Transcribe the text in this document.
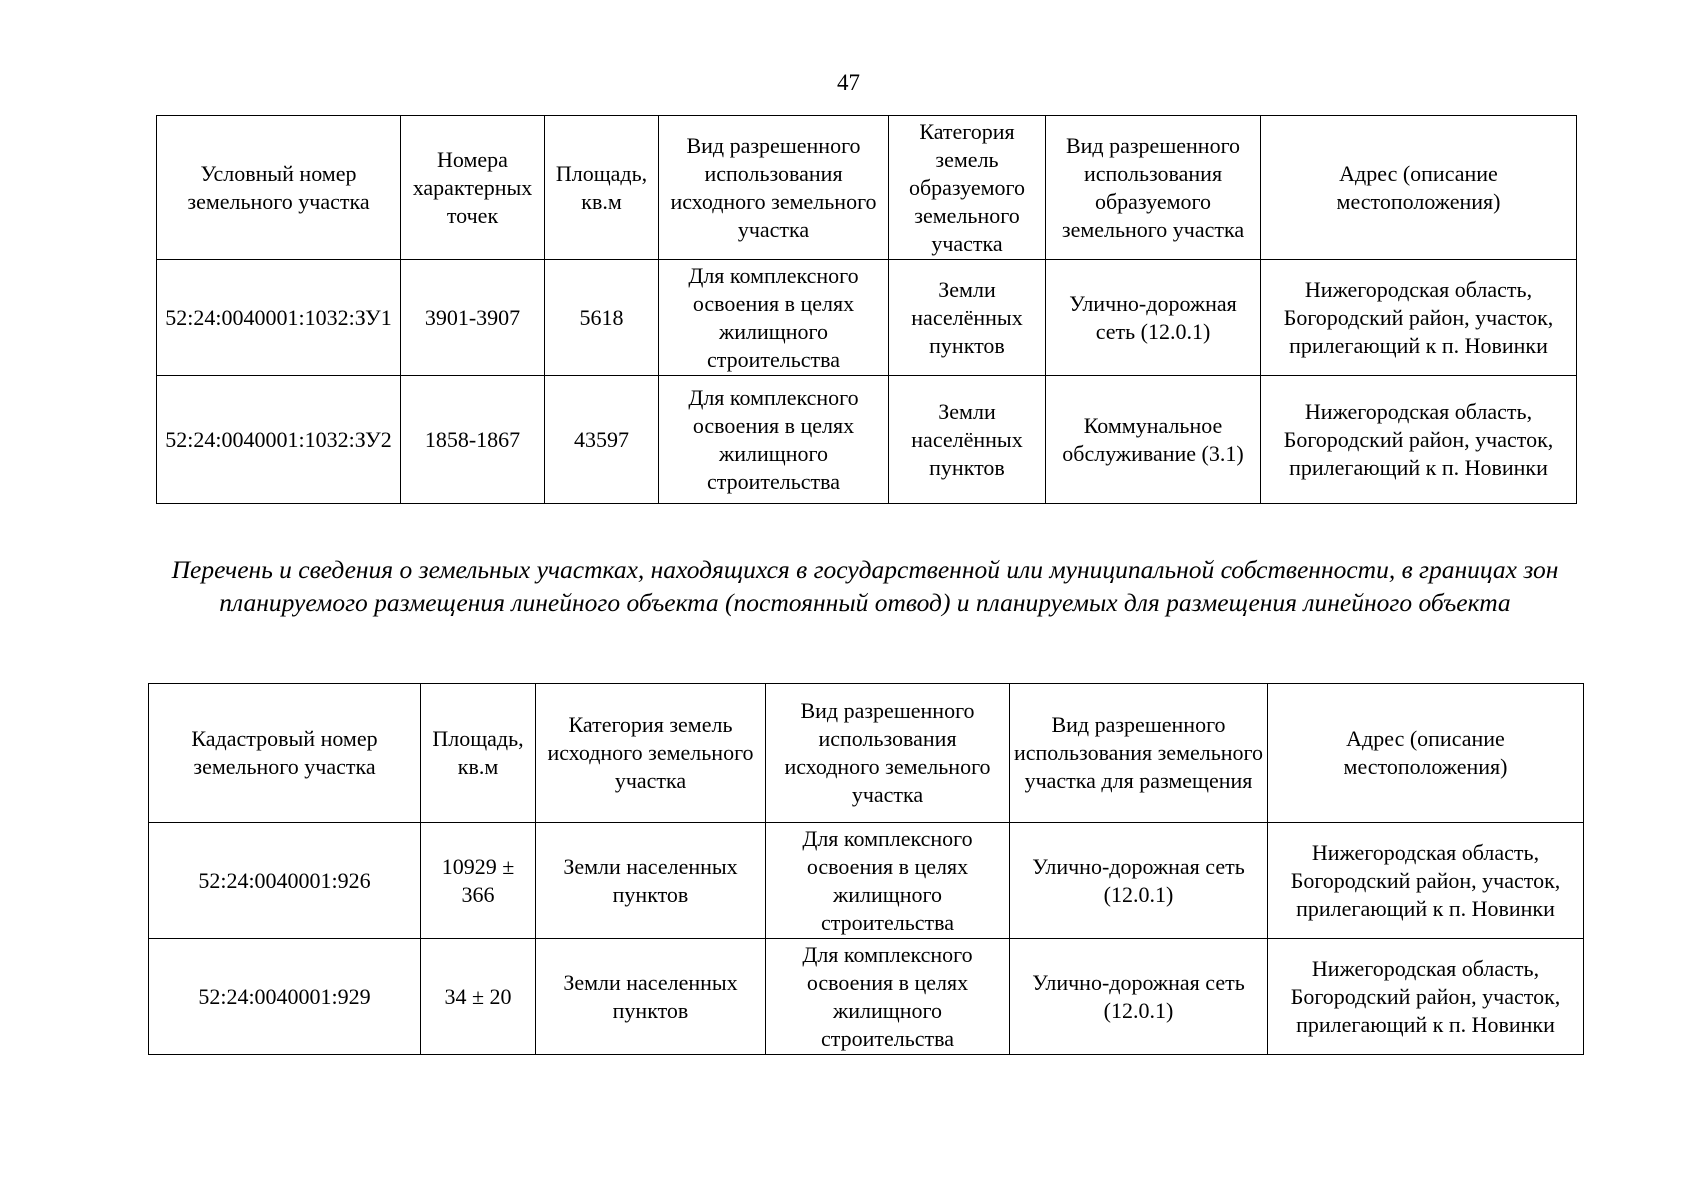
47
Условный номер земельного участка	Номера характерных точек	Площадь, кв.м	Вид разрешенного использования исходного земельного участка	Категория земель образуемого земельного участка	Вид разрешенного использования образуемого земельного участка	Адрес (описание местоположения)
52:24:0040001:1032:ЗУ1	3901-3907	5618	Для комплексного освоения в целях жилищного строительства	Земли населённых пунктов	Улично-дорожная сеть (12.0.1)	Нижегородская область, Богородский район, участок, прилегающий к п. Новинки
52:24:0040001:1032:ЗУ2	1858-1867	43597	Для комплексного освоения в целях жилищного строительства	Земли населённых пунктов	Коммунальное обслуживание (3.1)	Нижегородская область, Богородский район, участок, прилегающий к п. Новинки
Перечень и сведения о земельных участках, находящихся в государственной или муниципальной собственности, в границах зон планируемого размещения линейного объекта (постоянный отвод) и планируемых для размещения линейного объекта
Кадастровый номер земельного участка	Площадь, кв.м	Категория земель исходного земельного участка	Вид разрешенного использования исходного земельного участка	Вид разрешенного использования земельного участка для размещения	Адрес (описание местоположения)
52:24:0040001:926	10929 ± 366	Земли населенных пунктов	Для комплексного освоения в целях жилищного строительства	Улично-дорожная сеть (12.0.1)	Нижегородская область, Богородский район, участок, прилегающий к п. Новинки
52:24:0040001:929	34 ± 20	Земли населенных пунктов	Для комплексного освоения в целях жилищного строительства	Улично-дорожная сеть (12.0.1)	Нижегородская область, Богородский район, участок, прилегающий к п. Новинки
